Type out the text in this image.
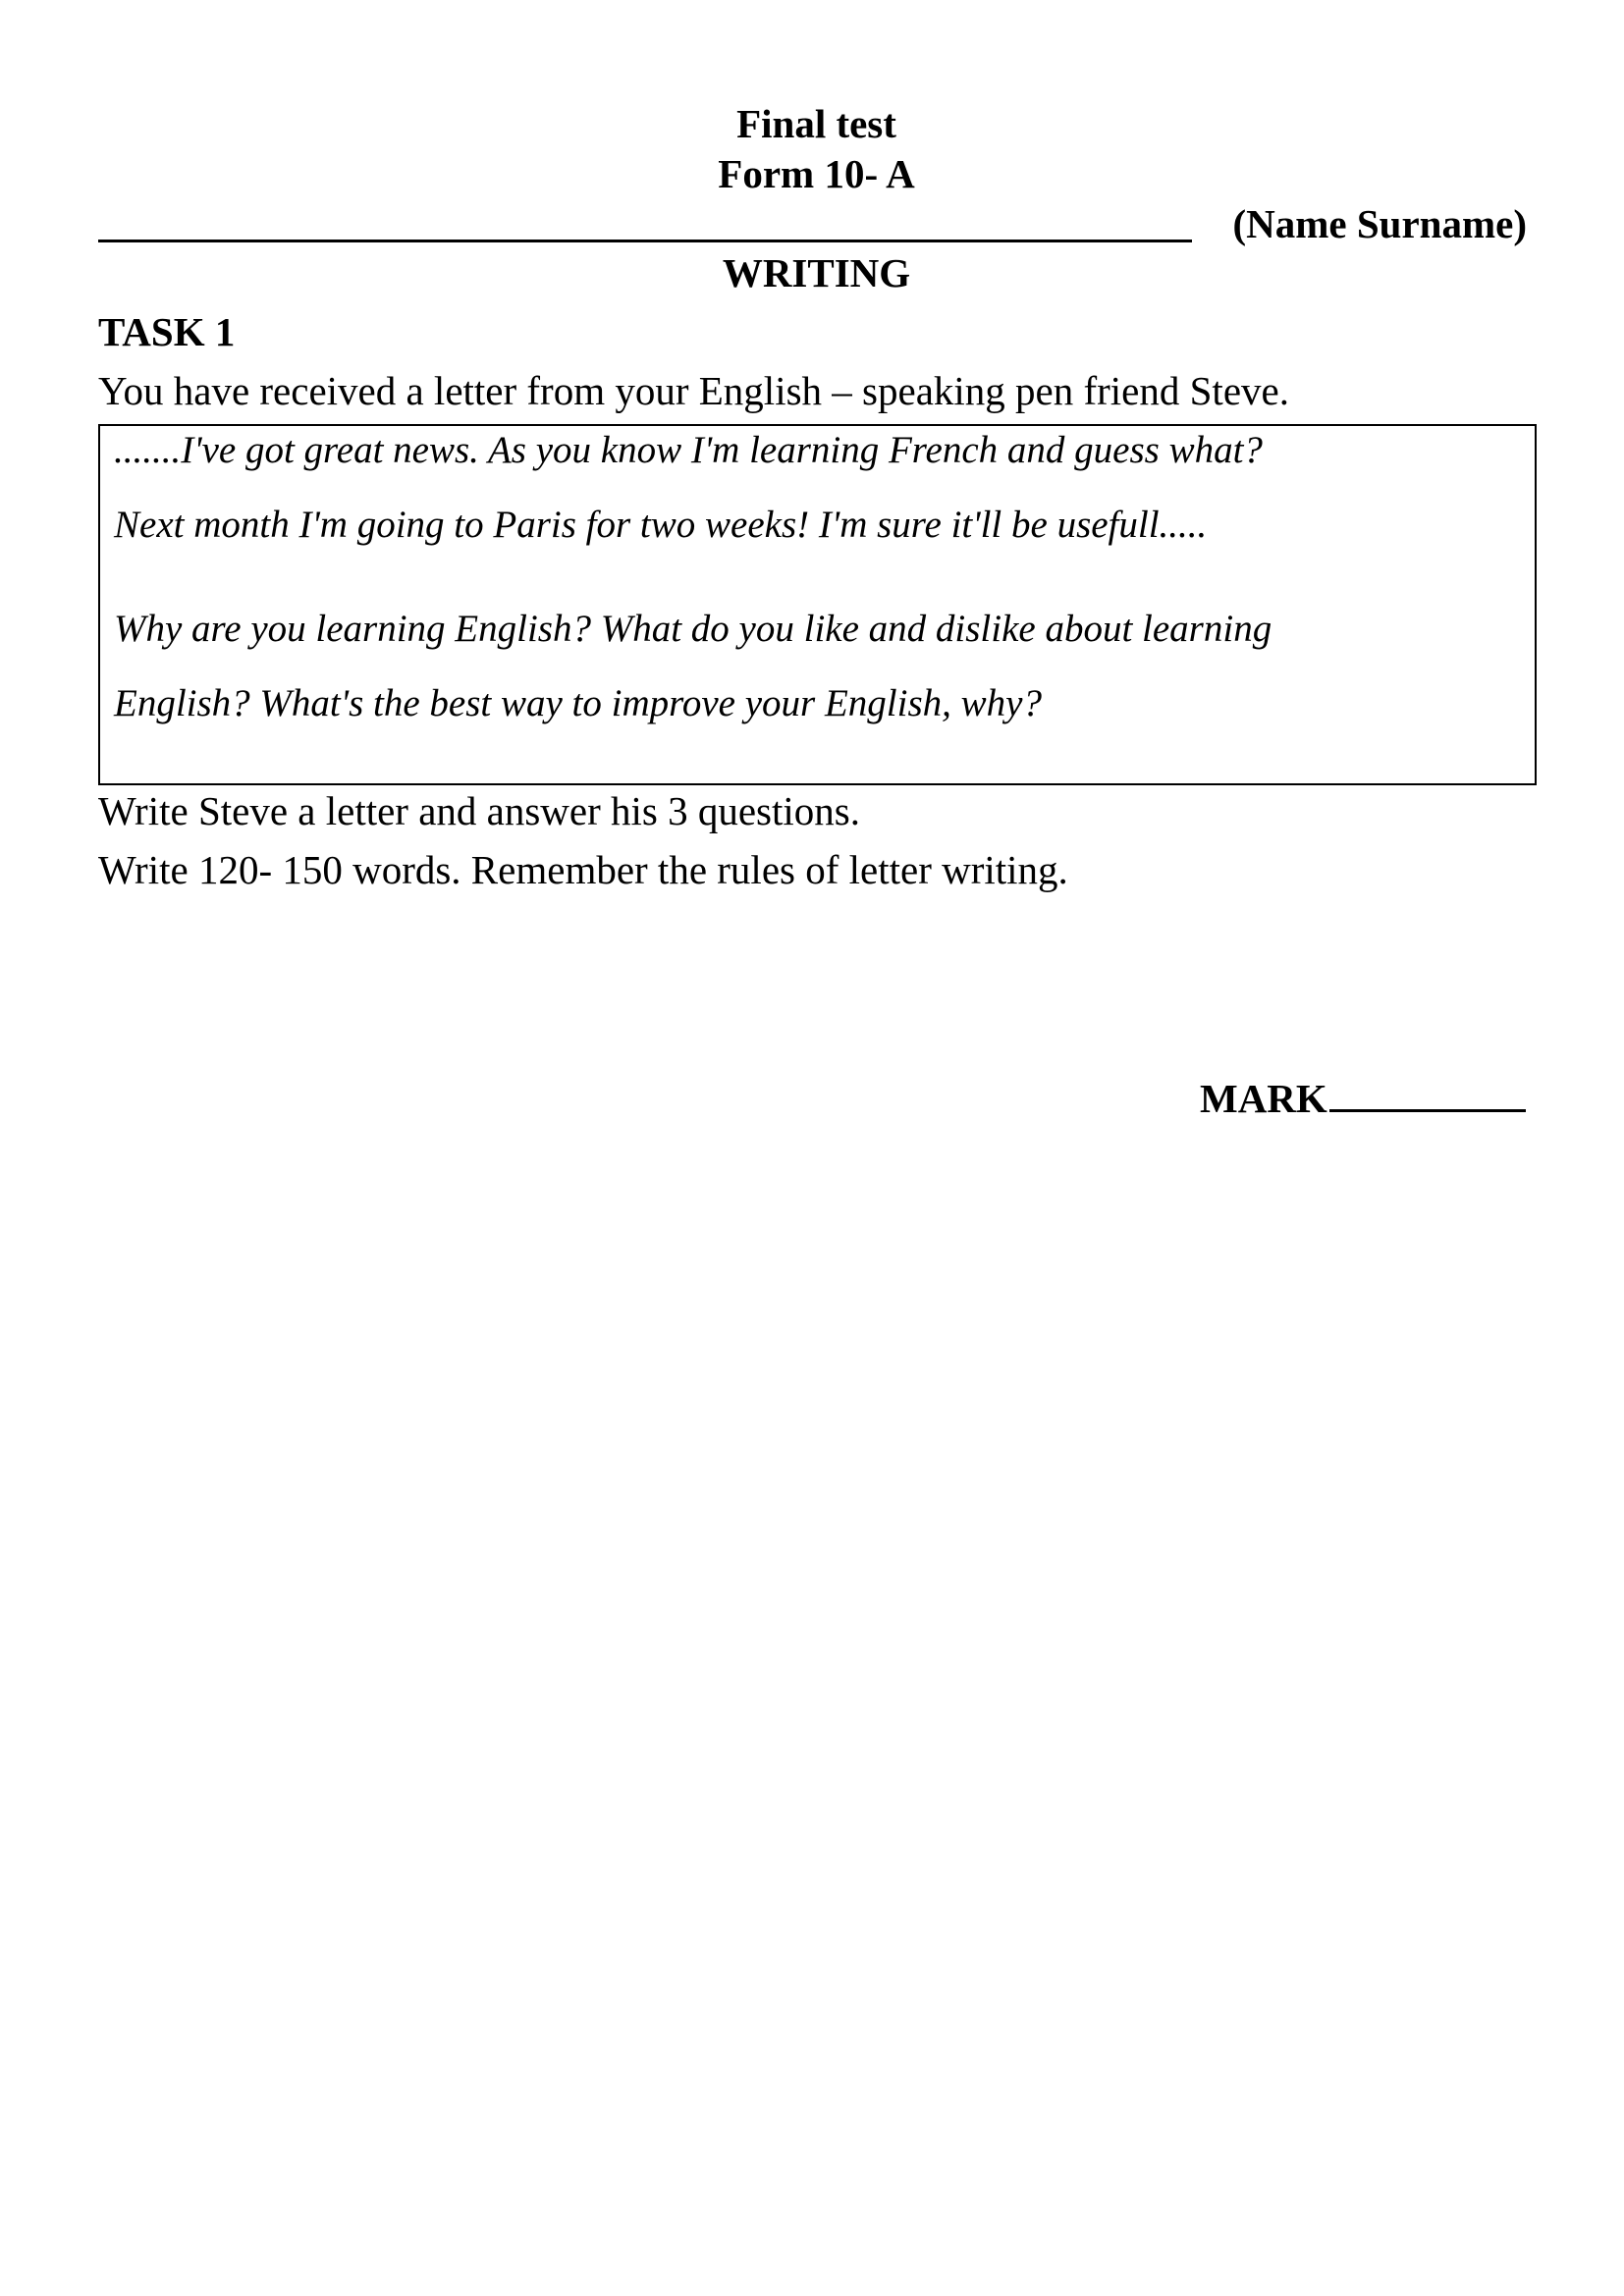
Final test
Form 10- A
(Name Surname)
WRITING
TASK 1
You have received a letter from your English – speaking pen friend Steve.
.......I've got great news. As you know I'm learning French and guess what?
Next month I'm going to Paris for two weeks! I'm sure it'll be usefull.....
Why are you learning English? What do you like and dislike about learning
English? What's the best way to improve your English, why?
Write Steve a letter and answer his 3 questions.
Write 120- 150 words. Remember the rules of letter writing.
MARK
